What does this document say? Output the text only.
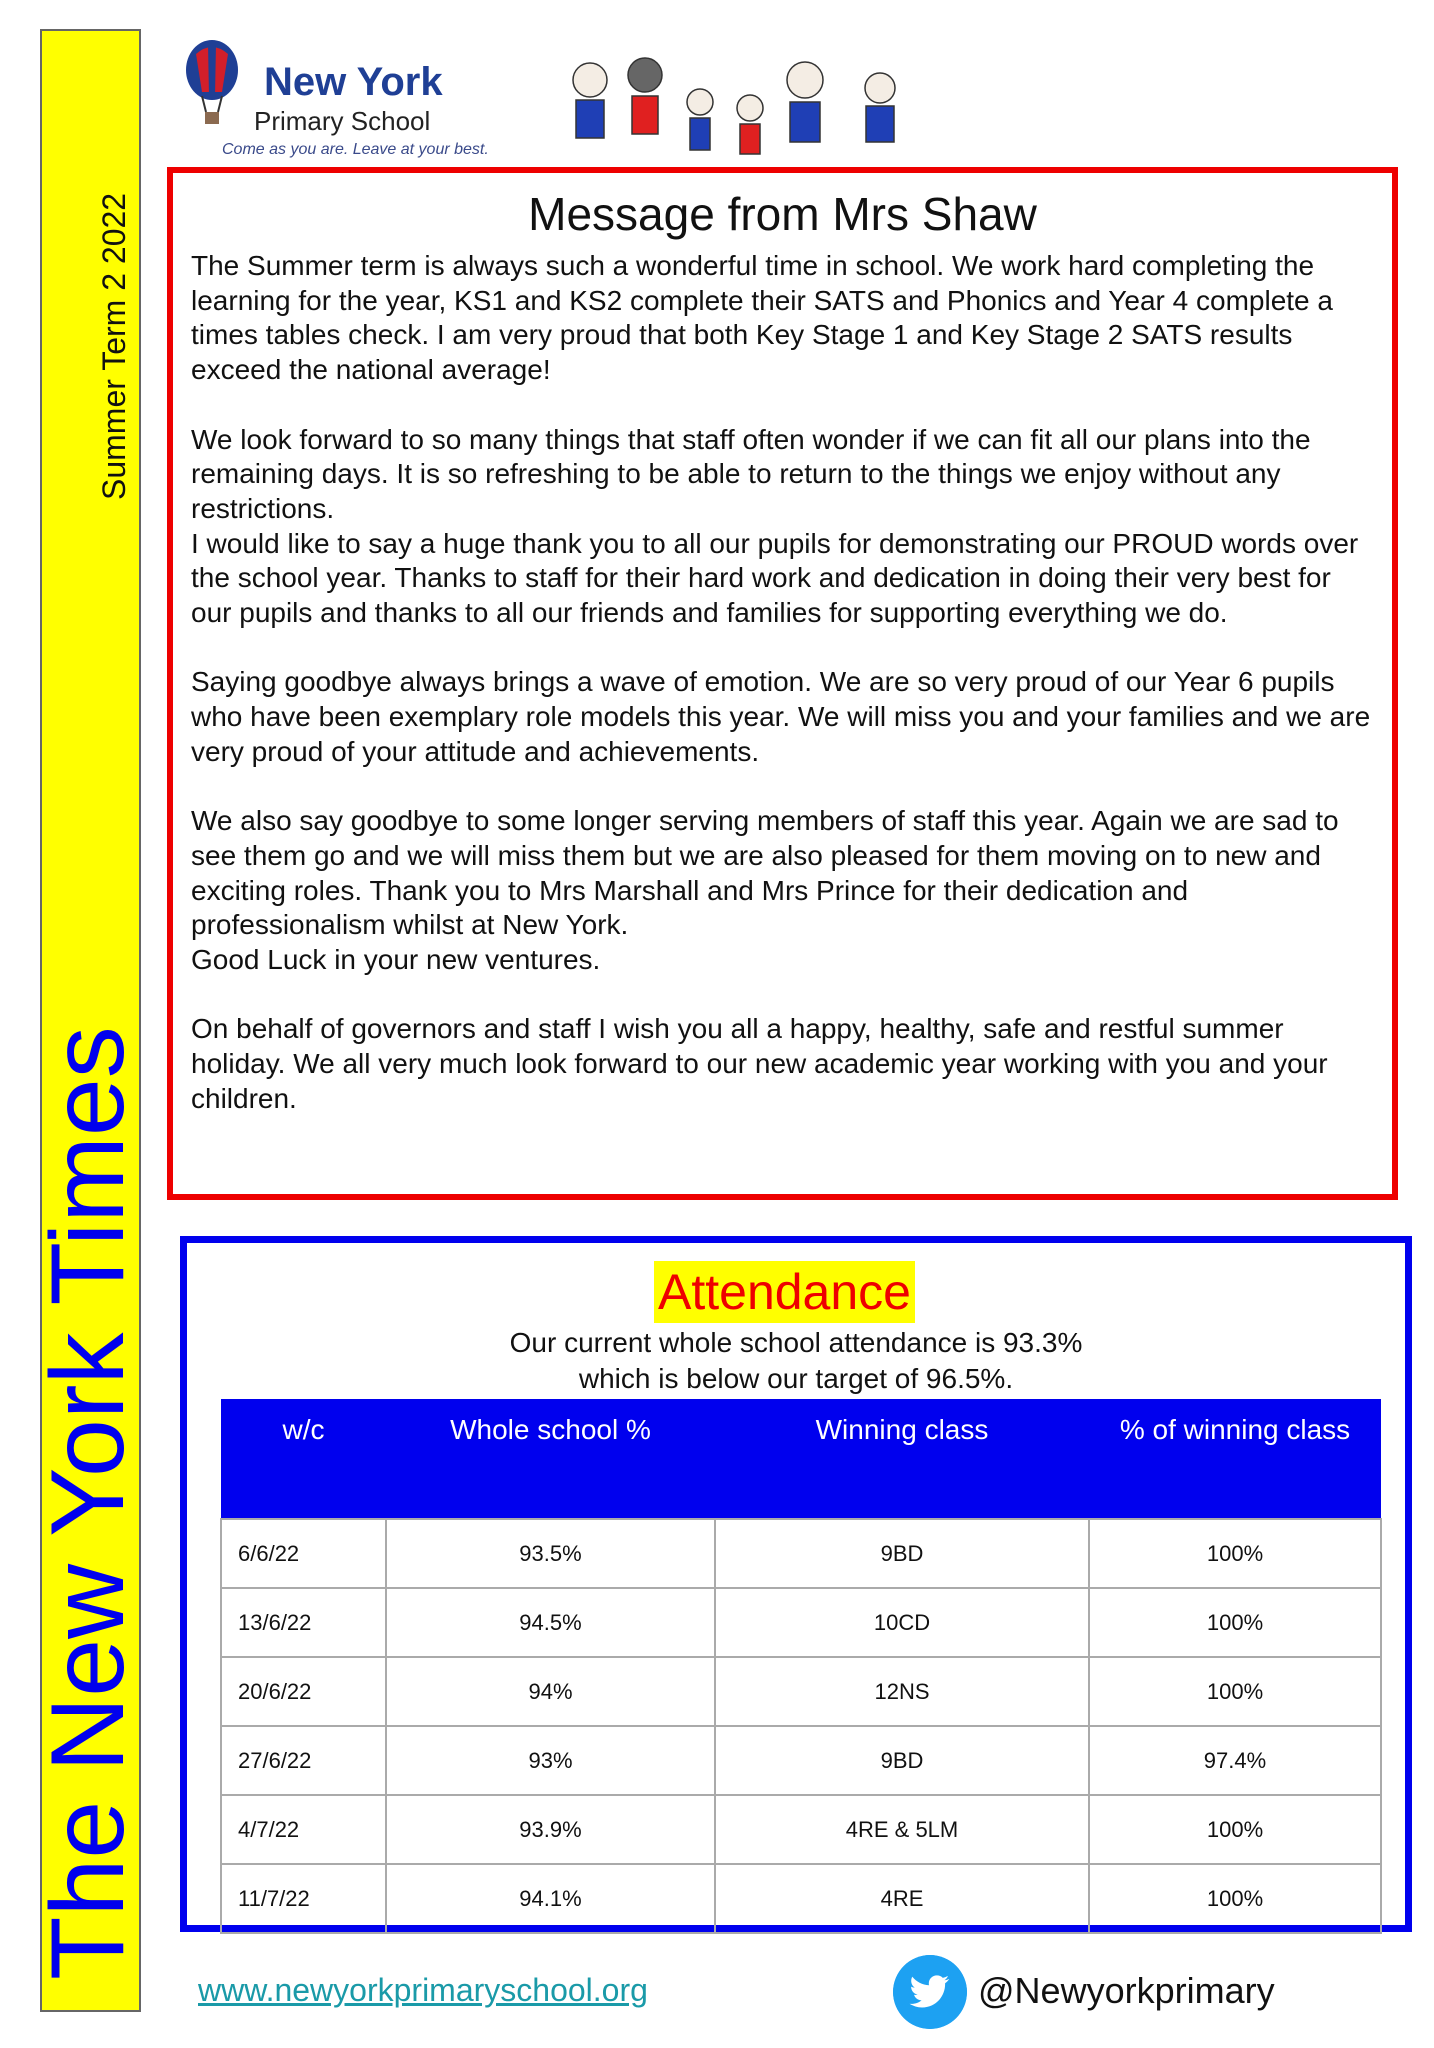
Summer Term 2 2022
The New York Times
New York
Primary School
Come as you are. Leave at your best.
Message from Mrs Shaw

The Summer term is always such a wonderful time in school. We work hard completing the learning for the year, KS1 and KS2 complete their SATS and Phonics and Year 4 complete a times tables check. I am very proud that both Key Stage 1 and Key Stage 2 SATS results exceed the national average!

We look forward to so many things that staff often wonder if we can fit all our plans into the remaining days. It is so refreshing to be able to return to the things we enjoy without any restrictions.

I would like to say a huge thank you to all our pupils for demonstrating our PROUD words over the school year. Thanks to staff for their hard work and dedication in doing their very best for our pupils and thanks to all our friends and families for supporting everything we do.

Saying goodbye always brings a wave of emotion. We are so very proud of our Year 6 pupils who have been exemplary role models this year. We will miss you and your families and we are very proud of your attitude and achievements.

We also say goodbye to some longer serving members of staff this year. Again we are sad to see them go and we will miss them but we are also pleased for them moving on to new and exciting roles. Thank you to Mrs Marshall and Mrs Prince for their dedication and professionalism whilst at New York.

Good Luck in your new ventures.

On behalf of governors and staff I wish you all a happy, healthy, safe and restful summer holiday. We all very much look forward to our new academic year working with you and your children.

Attendance
Our current whole school attendance is 93.3%
which is below our target of 96.5%.
w/c	Whole school %	Winning class	% of winning class
6/6/22	93.5%	9BD	100%
13/6/22	94.5%	10CD	100%
20/6/22	94%	12NS	100%
27/6/22	93%	9BD	97.4%
4/7/22	93.9%	4RE & 5LM	100%
11/7/22	94.1%	4RE	100%
www.newyorkprimaryschool.org	@Newyorkprimary
